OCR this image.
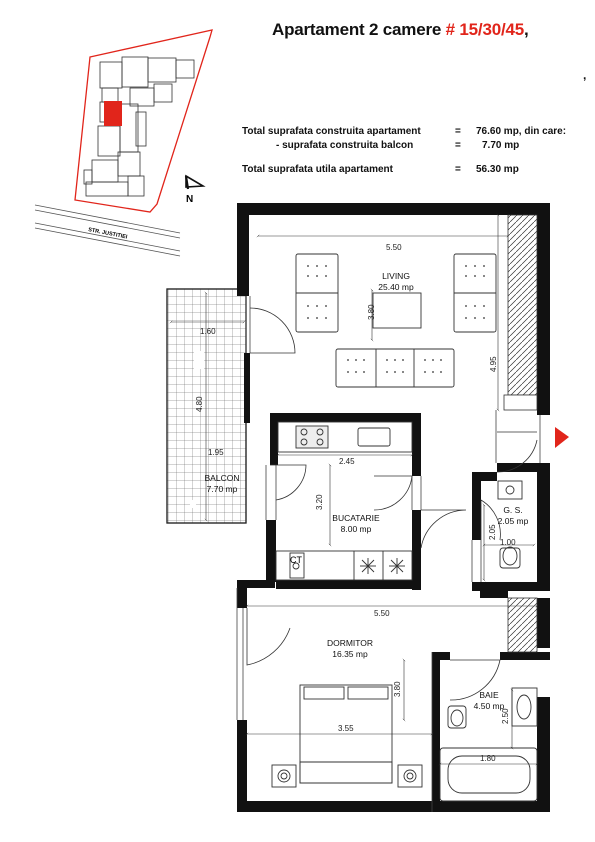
Apartament 2 camere # 15/30/45,
,
Total suprafata construita apartament	= 76.60 mp, din care:
- suprafata construita balcon	= 7.70 mp
Total suprafata utila apartament	= 56.30 mp
STR. JUSTITIEI
N
CT
5.50
3.80
4.95
1.60
4.80
1.95
2.45
3.20
2.05
1.00
5.50
3.80
3.55
2.50
1.80
LIVING
25.40 mp
BALCON
7.70 mp
BUCATARIE
8.00 mp
G. S.
2.05 mp
DORMITOR
16.35 mp
BAIE
4.50 mp
